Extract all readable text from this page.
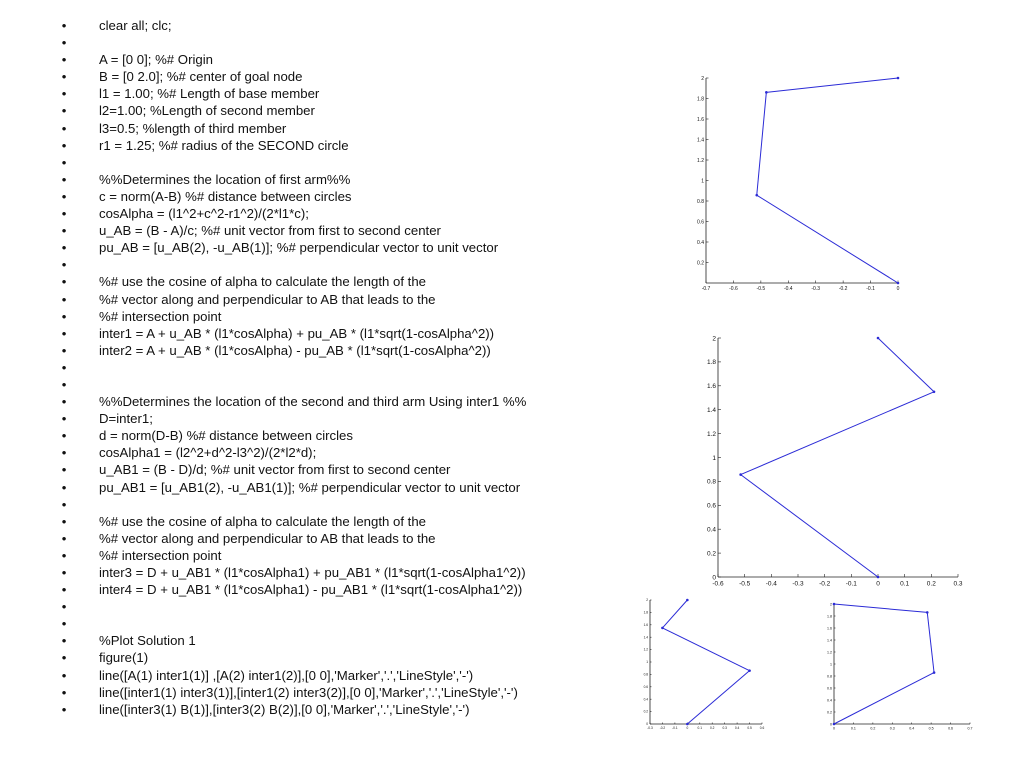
• clear all; clc;
•
• A = [0 0]; %# Origin
• B = [0 2.0]; %# center of goal node
• l1 = 1.00; %# Length of base member
• l2=1.00; %Length of second member
• l3=0.5; %length of third member
• r1 = 1.25; %# radius of the SECOND circle
•
• %%Determines the location of first arm%%
• c = norm(A-B) %# distance between circles
• cosAlpha = (l1^2+c^2-r1^2)/(2*l1*c);
• u_AB = (B - A)/c; %# unit vector from first to second center
• pu_AB = [u_AB(2), -u_AB(1)]; %# perpendicular vector to unit vector
•
• %# use the cosine of alpha to calculate the length of the
• %# vector along and perpendicular to AB that leads to the
• %# intersection point
• inter1 = A + u_AB * (l1*cosAlpha) + pu_AB * (l1*sqrt(1-cosAlpha^2))
• inter2 = A + u_AB * (l1*cosAlpha) - pu_AB * (l1*sqrt(1-cosAlpha^2))
•
•
• %%Determines the location of the second and third arm Using inter1 %%
• D=inter1;
• d = norm(D-B) %# distance between circles
• cosAlpha1 = (l2^2+d^2-l3^2)/(2*l2*d);
• u_AB1 = (B - D)/d; %# unit vector from first to second center
• pu_AB1 = [u_AB1(2), -u_AB1(1)]; %# perpendicular vector to unit vector
•
• %# use the cosine of alpha to calculate the length of the
• %# vector along and perpendicular to AB that leads to the
• %# intersection point
• inter3 = D + u_AB1 * (l1*cosAlpha1) + pu_AB1 * (l1*sqrt(1-cosAlpha1^2))
• inter4 = D + u_AB1 * (l1*cosAlpha1) - pu_AB1 * (l1*sqrt(1-cosAlpha1^2))
•
•
• %Plot Solution 1
• figure(1)
• line([A(1) inter1(1)] ,[A(2) inter1(2)],[0 0],'Marker','.','LineStyle','-')
• line([inter1(1) inter3(1)],[inter1(2) inter3(2)],[0 0],'Marker','.','LineStyle','-')
• line([inter3(1) B(1)],[inter3(2) B(2)],[0 0],'Marker','.','LineStyle','-')
-0.7	-0.6	-0.5	-0.4	-0.3	-0.2	-0.1	0
0.2
0.4
0.6
0.8
1
1.2
1.4
1.6
1.8
2
-0.6 -0.5 -0.4 -0.3 -0.2 -0.1	0	0.1	0.2	0.3
0
0.2
0.4
0.6
0.8
1
1.2
1.4
1.6
1.8
2
-0.3 -0.2 -0.1	0	0.1	0.2	0.3	0.4	0.5	0.6
0
0.2
0.4
0.6
0.8
1
1.2
1.4
1.6
1.8
2
0	0.1	0.2	0.3	0.4	0.5	0.6	0.7
0
0.2
0.4
0.6
0.8
1
1.2
1.4
1.6
1.8
2
